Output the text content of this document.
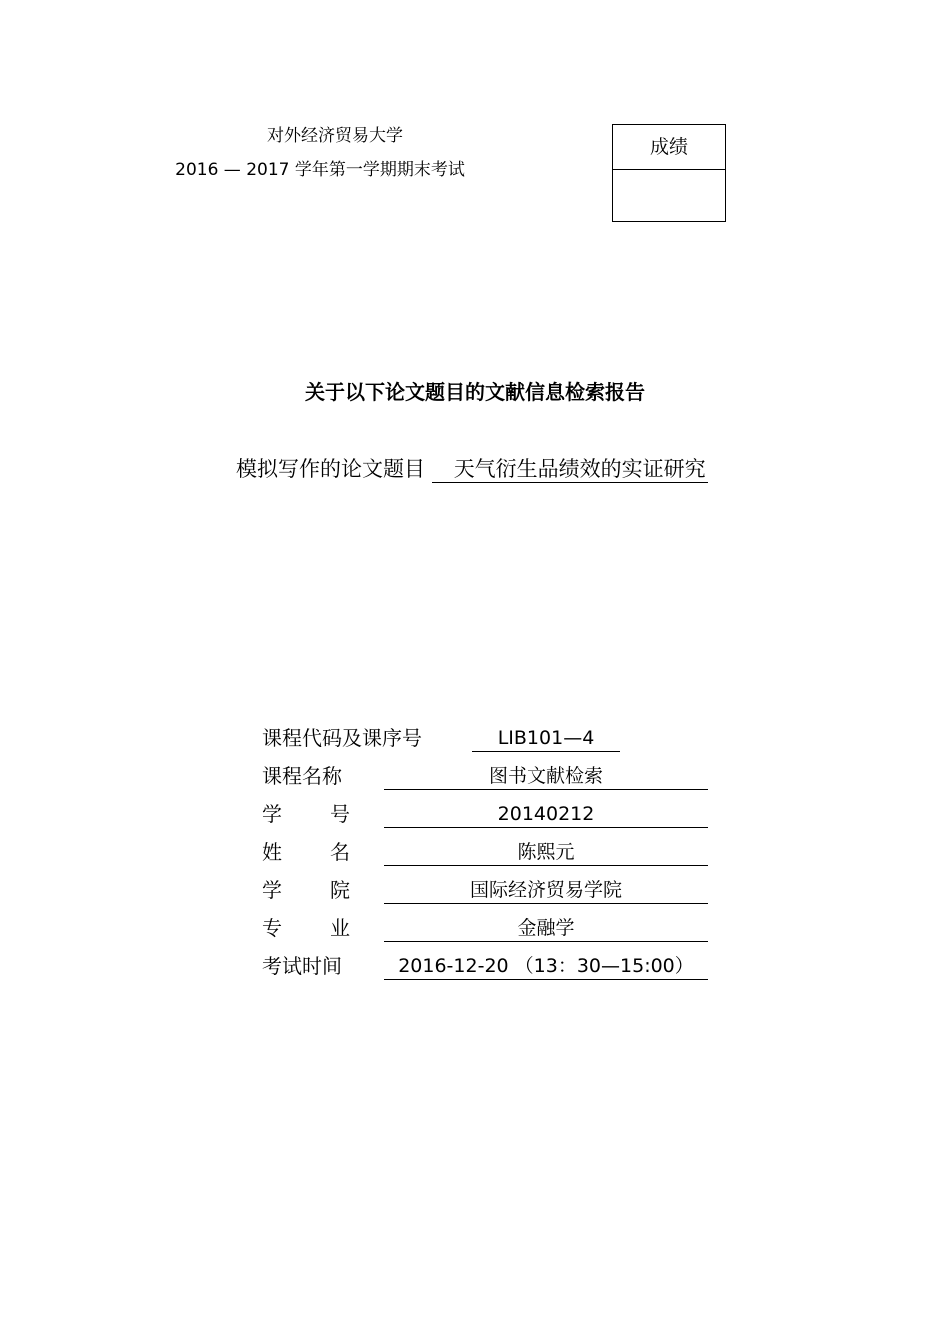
对外经济贸易大学
2016 — 2017 学年第一学期期末考试
成绩
关于以下论文题目的文献信息检索报告
模拟写作的论文题目 天气衍生品绩效的实证研究
课程代码及课序号	LIB101—4
课程名称	图书文献检索
学 号	20140212
姓 名	陈熙元
学 院	国际经济贸易学院
专 业	金融学
考试时间	2016-12-20 （13：30—15:00）
